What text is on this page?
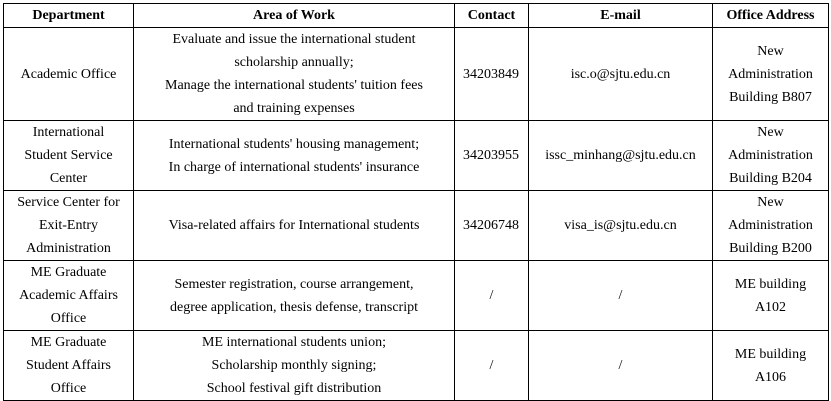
Department	Area of Work	Contact	E-mail	Office Address

Academic Office	Evaluate and issue the international student
scholarship annually;
Manage the international students' tuition fees
and training expenses	34203849	isc.o@sjtu.edu.cn	New
Administration
Building B807

International
Student Service
Center	International students' housing management;
In charge of international students' insurance	34203955	issc_minhang@sjtu.edu.cn	New
Administration
Building B204

Service Center for
Exit-Entry
Administration	Visa-related affairs for International students	34206748	visa_is@sjtu.edu.cn	New
Administration
Building B200

ME Graduate
Academic Affairs
Office	Semester registration, course arrangement,
degree application, thesis defense, transcript	/	/	ME building
A102

ME Graduate
Student Affairs
Office	ME international students union;
Scholarship monthly signing;
School festival gift distribution	/	/	ME building
A106
